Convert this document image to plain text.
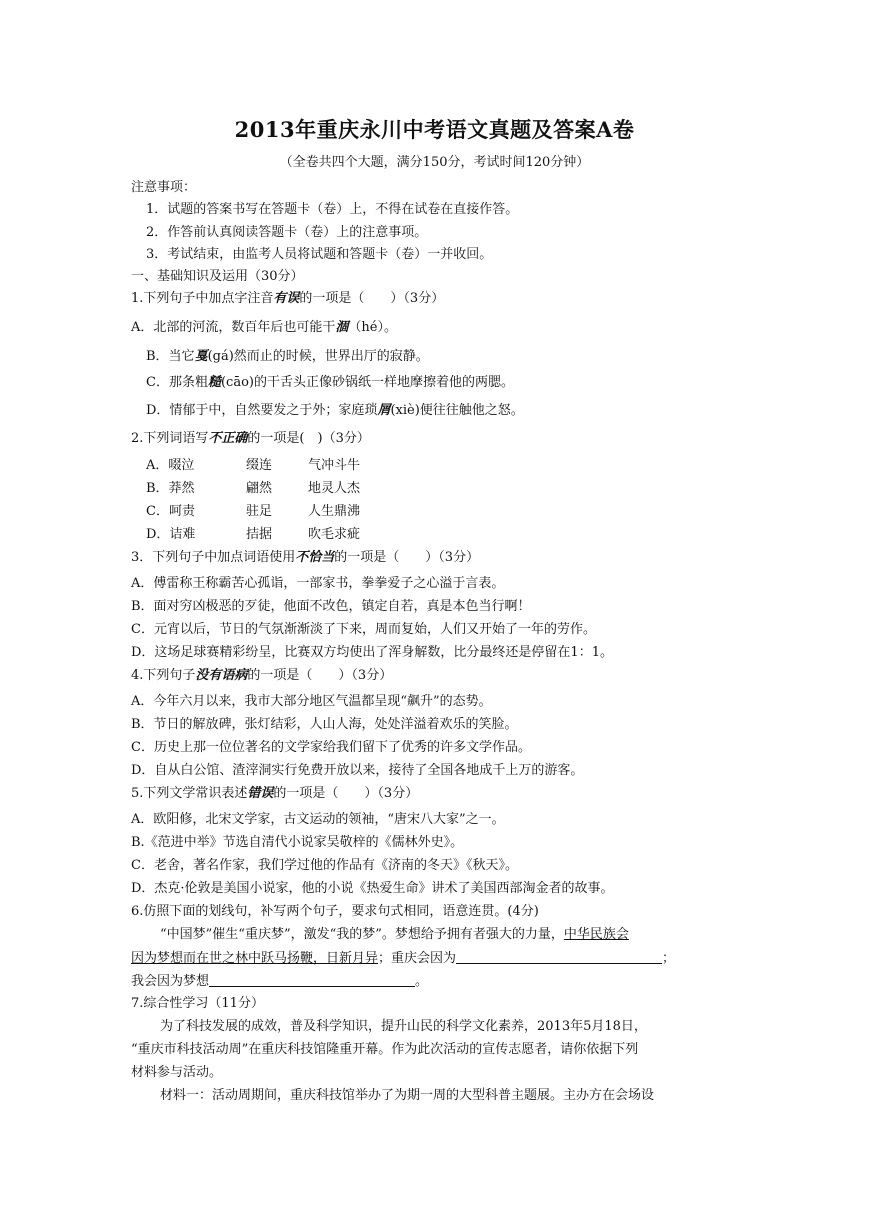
2013年重庆永川中考语文真题及答案A卷
（全卷共四个大题，满分150分，考试时间120分钟）
注意事项：
1．试题的答案书写在答题卡（卷）上，不得在试卷在直接作答。
2．作答前认真阅读答题卡（卷）上的注意事项。
3．考试结束，由监考人员将试题和答题卡（卷）一并收回。
一、基础知识及运用（30分）
1.下列句子中加点字注音有误的一项是（　　）（3分）
A．北部的河流，数百年后也可能干涸（hé）。
B．当它戛(gá)然而止的时候，世界出厅的寂静。
C．那条粗糙(cāo)的干舌头正像砂锅纸一样地摩擦着他的两腮。
D．情郁于中，自然要发之于外；家庭琐屑(xiè)便往往触他之怒。
2.下列词语写不正确的一项是(　)（3分）
A．啜泣	缀连	气冲斗牛
B．莽然	翩然	地灵人杰
C．呵责	驻足	人生鼎沸
D．诘难	拮据	吹毛求疵
3．下列句子中加点词语使用不恰当的一项是（　　）（3分）
A．傅雷称王称霸苦心孤诣，一部家书，拳拳爱子之心溢于言表。
B．面对穷凶极恶的歹徒，他面不改色，镇定自若，真是本色当行啊！
C．元宵以后，节日的气氛渐渐淡了下来，周而复始，人们又开始了一年的劳作。
D．这场足球赛精彩纷呈，比赛双方均使出了浑身解数，比分最终还是停留在1：1。
4.下列句子没有语病的一项是（　　）（3分）
A．今年六月以来，我市大部分地区气温都呈现“飙升”的态势。
B．节日的解放碑，张灯结彩，人山人海，处处洋溢着欢乐的笑脸。
C．历史上那一位位著名的文学家给我们留下了优秀的许多文学作品。
D．自从白公馆、渣滓洞实行免费开放以来，接待了全国各地成千上万的游客。
5.下列文学常识表述错误的一项是（　　）（3分）
A．欧阳修，北宋文学家，古文运动的领袖，“唐宋八大家”之一。
B.《范进中举》节选自清代小说家吴敬梓的《儒林外史》。
C．老舍，著名作家，我们学过他的作品有《济南的冬天》《秋天》。
D．杰克·伦敦是美国小说家，他的小说《热爱生命》讲术了美国西部淘金者的故事。
6.仿照下面的划线句，补写两个句子，要求句式相同，语意连贯。(4分)
“中国梦”催生“重庆梦”，激发“我的梦”。梦想给予拥有者强大的力量，中华民族会
因为梦想而在世之林中跃马扬鞭，日新月异；重庆会因为	；
我会因为梦想	。
7.综合性学习（11分）
为了科技发展的成效，普及科学知识，提升山民的科学文化素养，2013年5月18日，
“重庆市科技活动周”在重庆科技馆隆重开幕。作为此次活动的宣传志愿者，请你依据下列
材料参与活动。
材料一：活动周期间，重庆科技馆举办了为期一周的大型科普主题展。主办方在会场设
